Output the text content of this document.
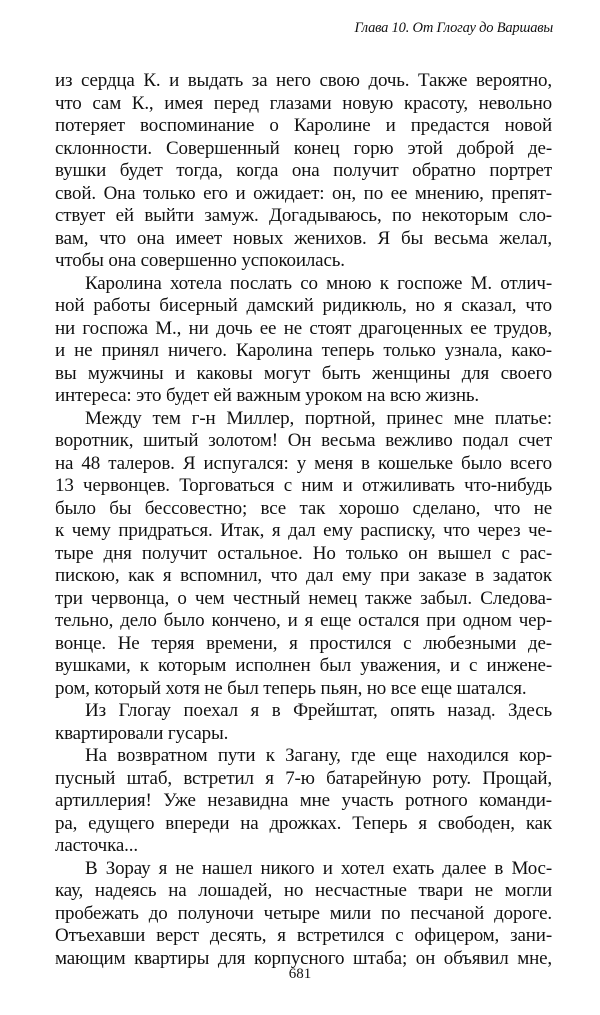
Глава 10. От Глогау до Варшавы
из сердца К. и выдать за него свою дочь. Также вероятно,
что сам К., имея перед глазами новую красоту, невольно
потеряет воспоминание о Каролине и предастся новой
склонности. Совершенный конец горю этой доброй де-
вушки будет тогда, когда она получит обратно портрет
свой. Она только его и ожидает: он, по ее мнению, препят-
ствует ей выйти замуж. Догадываюсь, по некоторым сло-
вам, что она имеет новых женихов. Я бы весьма желал,
чтобы она совершенно успокоилась.
Каролина хотела послать со мною к госпоже М. отлич-
ной работы бисерный дамский ридикюль, но я сказал, что
ни госпожа М., ни дочь ее не стоят драгоценных ее трудов,
и не принял ничего. Каролина теперь только узнала, како-
вы мужчины и каковы могут быть женщины для своего
интереса: это будет ей важным уроком на всю жизнь.
Между тем г-н Миллер, портной, принес мне платье:
воротник, шитый золотом! Он весьма вежливо подал счет
на 48 талеров. Я испугался: у меня в кошельке было всего
13 червонцев. Торговаться с ним и отжиливать что-нибудь
было бы бессовестно; все так хорошо сделано, что не
к чему придраться. Итак, я дал ему расписку, что через че-
тыре дня получит остальное. Но только он вышел с рас-
пискою, как я вспомнил, что дал ему при заказе в задаток
три червонца, о чем честный немец также забыл. Следова-
тельно, дело было кончено, и я еще остался при одном чер-
вонце. Не теряя времени, я простился с любезными де-
вушками, к которым исполнен был уважения, и с инжене-
ром, который хотя не был теперь пьян, но все еще шатался.
Из Глогау поехал я в Фрейштат, опять назад. Здесь
квартировали гусары.
На возвратном пути к Загану, где еще находился кор-
пусный штаб, встретил я 7-ю батарейную роту. Прощай,
артиллерия! Уже незавидна мне участь ротного команди-
ра, едущего впереди на дрожках. Теперь я свободен, как
ласточка...
В Зорау я не нашел никого и хотел ехать далее в Мос-
кау, надеясь на лошадей, но несчастные твари не могли
пробежать до полуночи четыре мили по песчаной дороге.
Отъехавши верст десять, я встретился с офицером, зани-
мающим квартиры для корпусного штаба; он объявил мне,
681
